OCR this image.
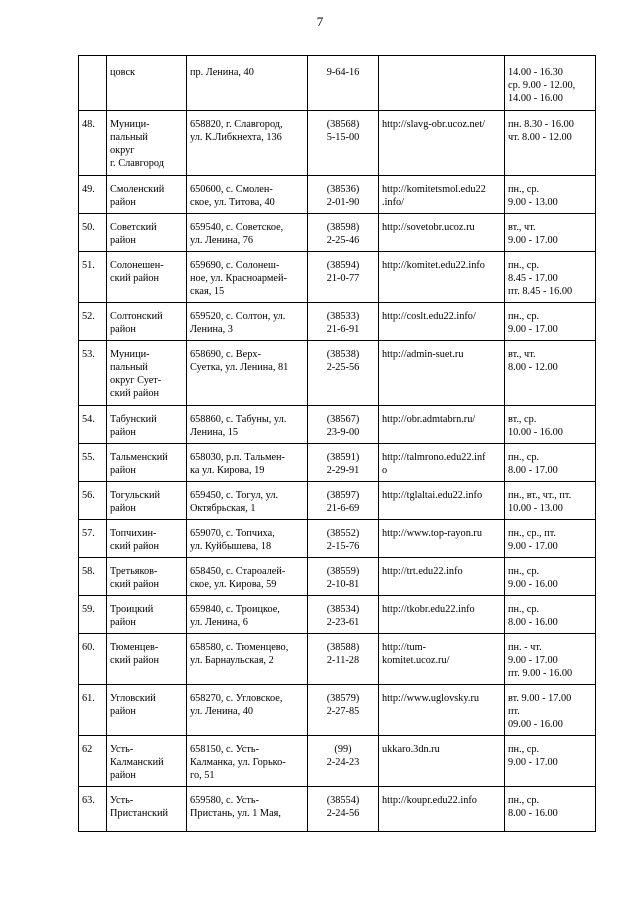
7

	цовск	пр. Ленина, 40	9-64-16		14.00 - 16.30
ср. 9.00 - 12.00,
14.00 - 16.00

48.	Муници-
пальный
округ
г. Славгород	658820, г. Славгород,
ул. К.Либкнехта, 136	(38568)
5-15-00	http://slavg-obr.ucoz.net/	пн. 8.30 - 16.00
чт. 8.00 - 12.00

49.	Смоленский
район	650600, с. Смолен-
ское, ул. Титова, 40	(38536)
2-01-90	http://komitetsmol.edu22
.info/	пн., ср.
9.00 - 13.00

50.	Советский
район	659540, с. Советское,
ул. Ленина, 76	(38598)
2-25-46	http://sovetobr.ucoz.ru	вт., чт.
9.00 - 17.00

51.	Солонешен-
ский район	659690, с. Солонеш-
ное, ул. Красноармей-
ская, 15	(38594)
21-0-77	http://komitet.edu22.info	пн., ср.
8.45 - 17.00
пт. 8.45 - 16.00

52.	Солтонский
район	659520, с. Солтон, ул.
Ленина, 3	(38533)
21-6-91	http://coslt.edu22.info/	пн., ср.
9.00 - 17.00

53.	Муници-
пальный
округ Сует-
ский район	658690, с. Верх-
Суетка, ул. Ленина, 81	(38538)
2-25-56	http://admin-suet.ru	вт., чт.
8.00 - 12.00

54.	Табунский
район	658860, с. Табуны, ул.
Ленина, 15	(38567)
23-9-00	http://obr.admtabrn.ru/	вт., ср.
10.00 - 16.00

55.	Тальменский
район	658030, р.п. Тальмен-
ка ул. Кирова, 19	(38591)
2-29-91	http://talmrono.edu22.inf
o	пн., ср.
8.00 - 17.00

56.	Тогульский
район	659450, с. Тогул, ул.
Октябрьская, 1	(38597)
21-6-69	http://tglaltai.edu22.info	пн., вт., чт., пт.
10.00 - 13.00

57.	Топчихин-
ский район	659070, с. Топчиха,
ул. Куйбышева, 18	(38552)
2-15-76	http://www.top-rayon.ru	пн., ср., пт.
9.00 - 17.00

58.	Третьяков-
ский район	658450, с. Староалей-
ское, ул. Кирова, 59	(38559)
2-10-81	http://trt.edu22.info	пн., ср.
9.00 - 16.00

59.	Троицкий
район	659840, с. Троицкое,
ул. Ленина, 6	(38534)
2-23-61	http://tkobr.edu22.info	пн., ср.
8.00 - 16.00

60.	Тюменцев-
ский район	658580, с. Тюменцево,
ул. Барнаульская, 2	(38588)
2-11-28	http://tum-
komitet.ucoz.ru/	пн. - чт.
9.00 - 17.00
пт. 9.00 - 16.00

61.	Угловский
район	658270, с. Угловское,
ул. Ленина, 40	(38579)
2-27-85	http://www.uglovsky.ru	вт. 9.00 - 17.00
пт.
09.00 - 16.00

62	Усть-
Калманский
район	658150, с. Усть-
Калманка, ул. Горько-
го, 51	(99)
2-24-23	ukkaro.3dn.ru	пн., ср.
9.00 - 17.00

63.	Усть-
Пристанский	659580, с. Усть-
Пристань, ул. 1 Мая,	(38554)
2-24-56	http://koupr.edu22.info	пн., ср.
8.00 - 16.00
